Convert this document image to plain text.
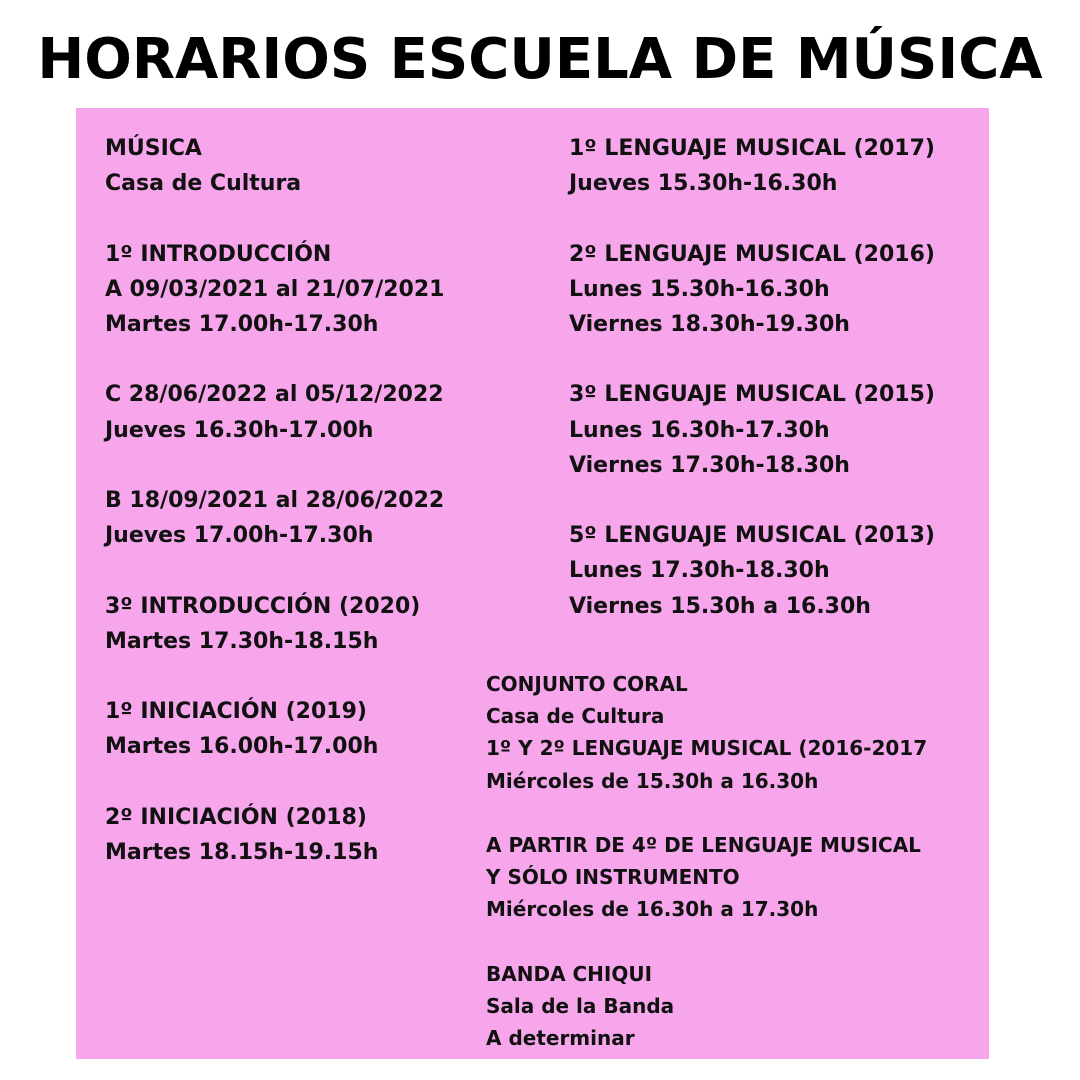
HORARIOS ESCUELA DE MÚSICA
MÚSICA
Casa de Cultura
1º INTRODUCCIÓN
A 09/03/2021 al 21/07/2021
Martes 17.00h-17.30h
C 28/06/2022 al 05/12/2022
Jueves 16.30h-17.00h
B 18/09/2021 al 28/06/2022
Jueves 17.00h-17.30h
3º INTRODUCCIÓN (2020)
Martes 17.30h-18.15h
1º INICIACIÓN (2019)
Martes 16.00h-17.00h
2º INICIACIÓN (2018)
Martes 18.15h-19.15h
1º LENGUAJE MUSICAL (2017)
Jueves 15.30h-16.30h
2º LENGUAJE MUSICAL (2016)
Lunes 15.30h-16.30h
Viernes 18.30h-19.30h
3º LENGUAJE MUSICAL (2015)
Lunes 16.30h-17.30h
Viernes 17.30h-18.30h
5º LENGUAJE MUSICAL (2013)
Lunes 17.30h-18.30h
Viernes 15.30h a 16.30h
CONJUNTO CORAL
Casa de Cultura
1º Y 2º LENGUAJE MUSICAL (2016-2017
Miércoles de 15.30h a 16.30h
A PARTIR DE 4º DE LENGUAJE MUSICAL
Y SÓLO INSTRUMENTO
Miércoles de 16.30h a 17.30h
BANDA CHIQUI
Sala de la Banda
A determinar
